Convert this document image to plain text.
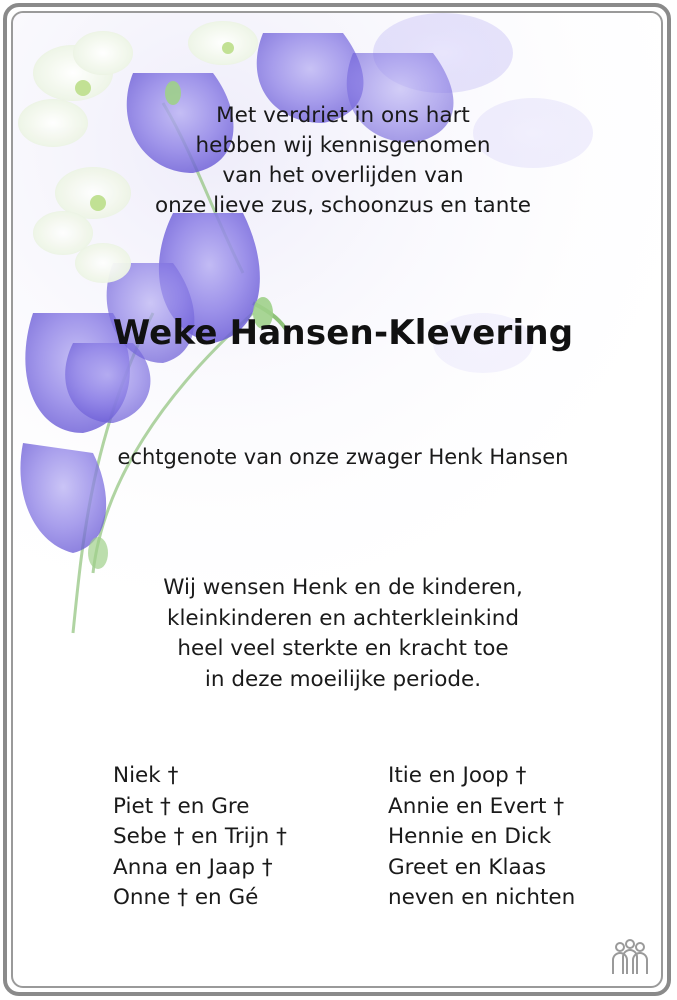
Met verdriet in ons hart
hebben wij kennisgenomen
van het overlijden van
onze lieve zus, schoonzus en tante
Weke Hansen-Klevering
echtgenote van onze zwager Henk Hansen
Wij wensen Henk en de kinderen,
kleinkinderen en achterkleinkind
heel veel sterkte en kracht toe
in deze moeilijke periode.
Niek †
Piet † en Gre
Sebe † en Trijn †
Anna en Jaap †
Onne † en Gé
Itie en Joop †
Annie en Evert †
Hennie en Dick
Greet en Klaas
neven en nichten
